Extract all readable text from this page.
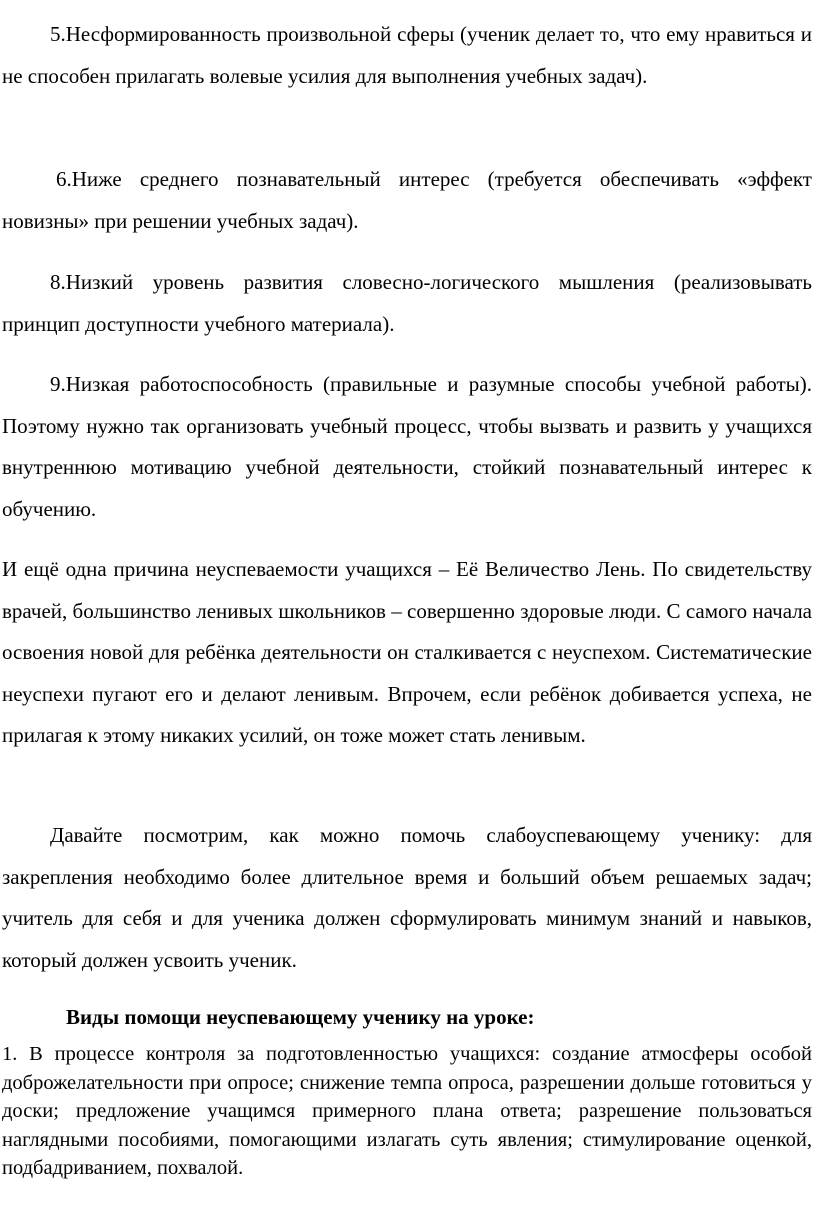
5.Несформированность произвольной сферы (ученик делает то, что ему нравиться и не способен прилагать волевые усилия для выполнения учебных задач).

6.Ниже среднего познавательный интерес (требуется обеспечивать «эффект новизны» при решении учебных задач).

8.Низкий уровень развития словесно-логического мышления (реализовывать принцип доступности учебного материала).

9.Низкая работоспособность (правильные и разумные способы учебной работы). Поэтому нужно так организовать учебный процесс, чтобы вызвать и развить у учащихся внутреннюю мотивацию учебной деятельности, стойкий познавательный интерес к обучению.

И ещё одна причина неуспеваемости учащихся – Её Величество Лень. По свидетельству врачей, большинство ленивых школьников – совершенно здоровые люди. С самого начала освоения новой для ребёнка деятельности он сталкивается с неуспехом. Систематические неуспехи пугают его и делают ленивым. Впрочем, если ребёнок добивается успеха, не прилагая к этому никаких усилий, он тоже может стать ленивым.

Давайте посмотрим, как можно помочь слабоуспевающему ученику: для закрепления необходимо более длительное время и больший объем решаемых задач; учитель для себя и для ученика должен сформулировать минимум знаний и навыков, который должен усвоить ученик.

Виды помощи неуспевающему ученику на уроке:

1. В процессе контроля за подготовленностью учащихся: создание атмосферы особой доброжелательности при опросе; снижение темпа опроса, разрешении дольше готовиться у доски; предложение учащимся примерного плана ответа; разрешение пользоваться наглядными пособиями, помогающими излагать суть явления; стимулирование оценкой, подбадриванием, похвалой.
